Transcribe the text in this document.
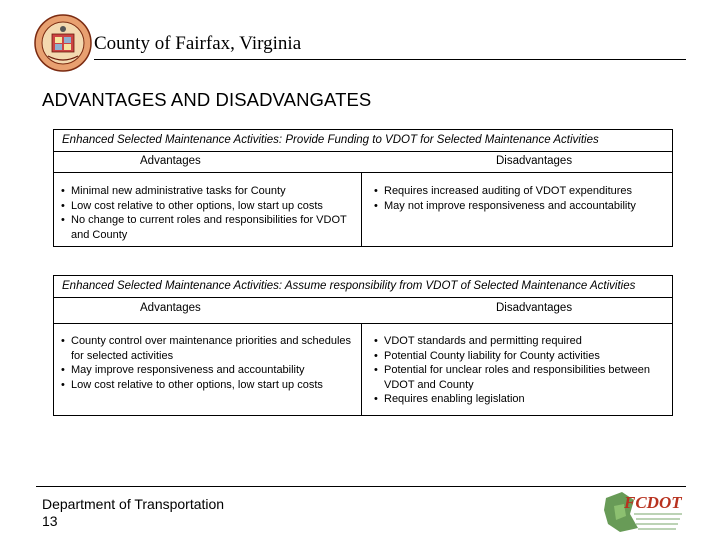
County of Fairfax, Virginia
ADVANTAGES AND DISADVANGATES
Enhanced Selected Maintenance Activities: Provide Funding to VDOT for Selected Maintenance Activities
Advantages	Disadvantages
• Minimal new administrative tasks for County
• Low cost relative to other options, low start up costs
• No change to current roles and responsibilities for VDOT and County
• Requires increased auditing of VDOT expenditures
• May not improve responsiveness and accountability
Enhanced Selected Maintenance Activities: Assume responsibility from VDOT of Selected Maintenance Activities
Advantages	Disadvantages
• County control over maintenance priorities and schedules for selected activities
• May improve responsiveness and accountability
• Low cost relative to other options, low start up costs
• VDOT standards and permitting required
• Potential County liability for County activities
• Potential for unclear roles and responsibilities between VDOT and County
• Requires enabling legislation
Department of Transportation
13
FCDOT
